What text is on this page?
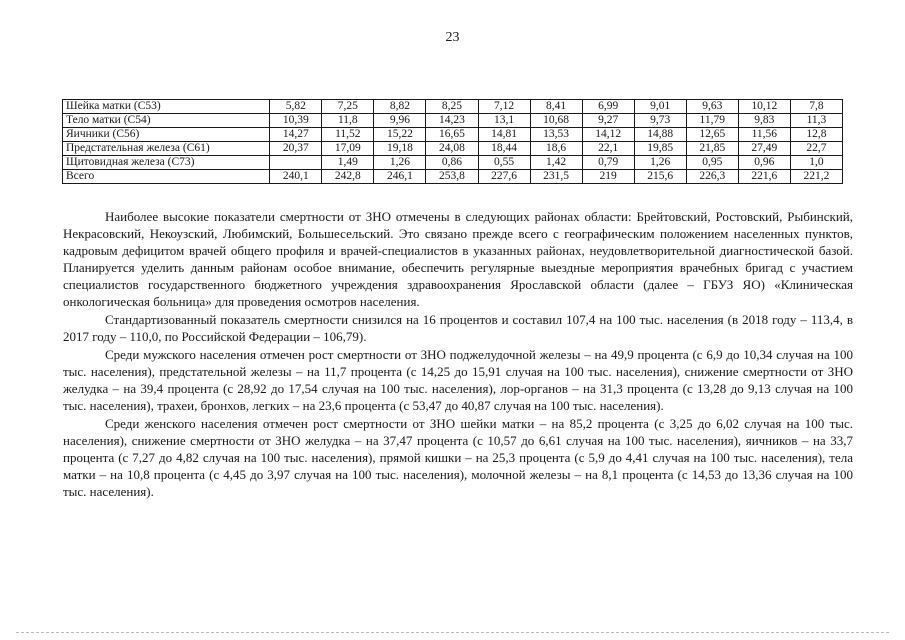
23
Шейка матки (С53)	5,82	7,25	8,82	8,25	7,12	8,41	6,99	9,01	9,63	10,12	7,8
Тело матки (С54)	10,39	11,8	9,96	14,23	13,1	10,68	9,27	9,73	11,79	9,83	11,3
Яичники (С56)	14,27	11,52	15,22	16,65	14,81	13,53	14,12	14,88	12,65	11,56	12,8
Предстательная железа (С61)	20,37	17,09	19,18	24,08	18,44	18,6	22,1	19,85	21,85	27,49	22,7
Щитовидная железа (С73)		1,49	1,26	0,86	0,55	1,42	0,79	1,26	0,95	0,96	1,0
Всего	240,1	242,8	246,1	253,8	227,6	231,5	219	215,6	226,3	221,6	221,2

Наиболее высокие показатели смертности от ЗНО отмечены в следующих районах области: Брейтовский, Ростовский, Рыбинский, Некрасовский, Некоузский, Любимский, Большесельский. Это связано прежде всего с географическим положением населенных пунктов, кадровым дефицитом врачей общего профиля и врачей-специалистов в указанных районах, неудовлетворительной диагностической базой. Планируется уделить данным районам особое внимание, обеспечить регулярные выездные мероприятия врачебных бригад с участием специалистов государственного бюджетного учреждения здравоохранения Ярославской области (далее – ГБУЗ ЯО) «Клиническая онкологическая больница» для проведения осмотров населения.

Стандартизованный показатель смертности снизился на 16 процентов и составил 107,4 на 100 тыс. населения (в 2018 году – 113,4, в 2017 году – 110,0, по Российской Федерации – 106,79).

Среди мужского населения отмечен рост смертности от ЗНО поджелудочной железы – на 49,9 процента (с 6,9 до 10,34 случая на 100 тыс. населения), предстательной железы – на 11,7 процента (с 14,25 до 15,91 случая на 100 тыс. населения), снижение смертности от ЗНО желудка – на 39,4 процента (с 28,92 до 17,54 случая на 100 тыс. населения), лор-органов – на 31,3 процента (с 13,28 до 9,13 случая на 100 тыс. населения), трахеи, бронхов, легких – на 23,6 процента (с 53,47 до 40,87 случая на 100 тыс. населения).

Среди женского населения отмечен рост смертности от ЗНО шейки матки – на 85,2 процента (с 3,25 до 6,02 случая на 100 тыс. населения), снижение смертности от ЗНО желудка – на 37,47 процента (с 10,57 до 6,61 случая на 100 тыс. населения), яичников – на 33,7 процента (с 7,27 до 4,82 случая на 100 тыс. населения), прямой кишки – на 25,3 процента (с 5,9 до 4,41 случая на 100 тыс. населения), тела матки – на 10,8 процента (с 4,45 до 3,97 случая на 100 тыс. населения), молочной железы – на 8,1 процента (с 14,53 до 13,36 случая на 100 тыс. населения).
